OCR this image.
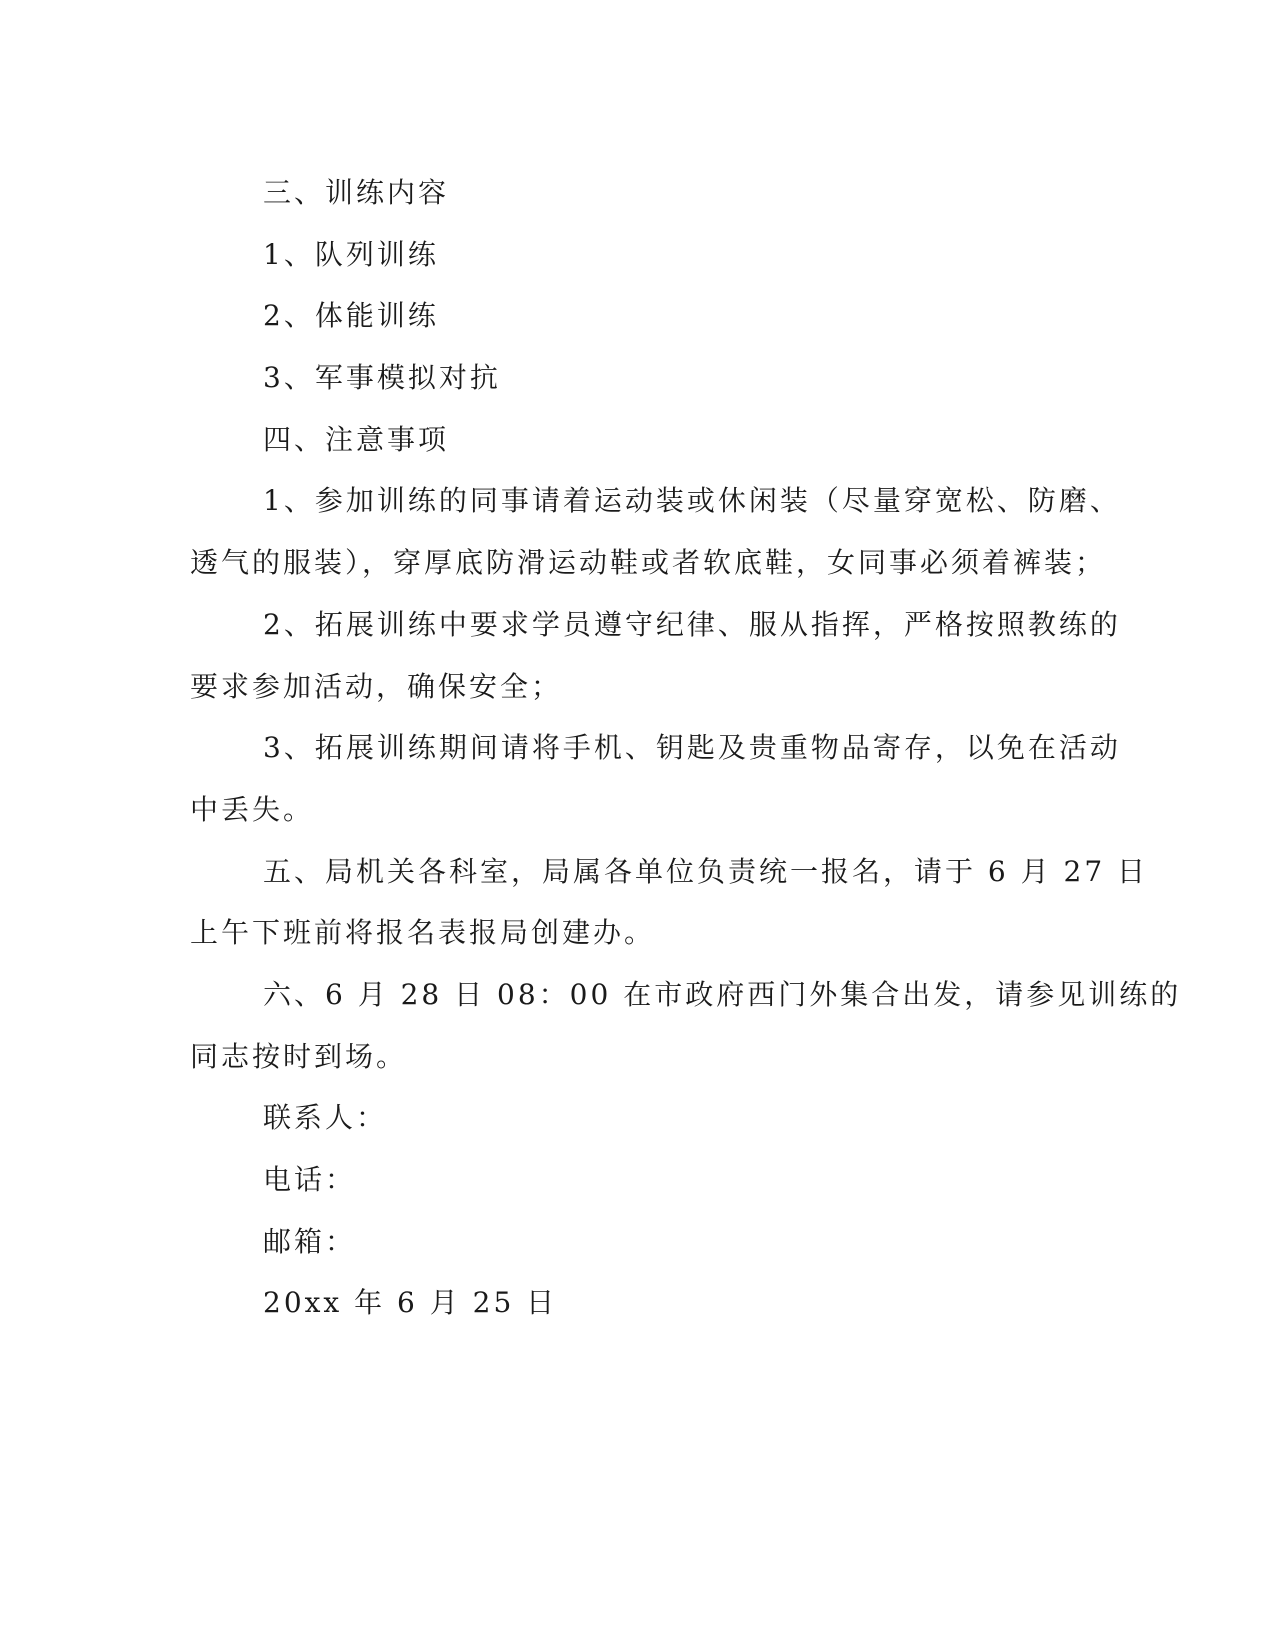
三、训练内容
1、队列训练
2、体能训练
3、军事模拟对抗
四、注意事项
1、参加训练的同事请着运动装或休闲装（尽量穿宽松、防磨、
透气的服装），穿厚底防滑运动鞋或者软底鞋，女同事必须着裤装；
2、拓展训练中要求学员遵守纪律、服从指挥，严格按照教练的
要求参加活动，确保安全；
3、拓展训练期间请将手机、钥匙及贵重物品寄存，以免在活动
中丢失。
五、局机关各科室，局属各单位负责统一报名，请于 6 月 27 日
上午下班前将报名表报局创建办。
六、6 月 28 日 08：00 在市政府西门外集合出发，请参见训练的
同志按时到场。
联系人：
电话：
邮箱：
20xx 年 6 月 25 日
